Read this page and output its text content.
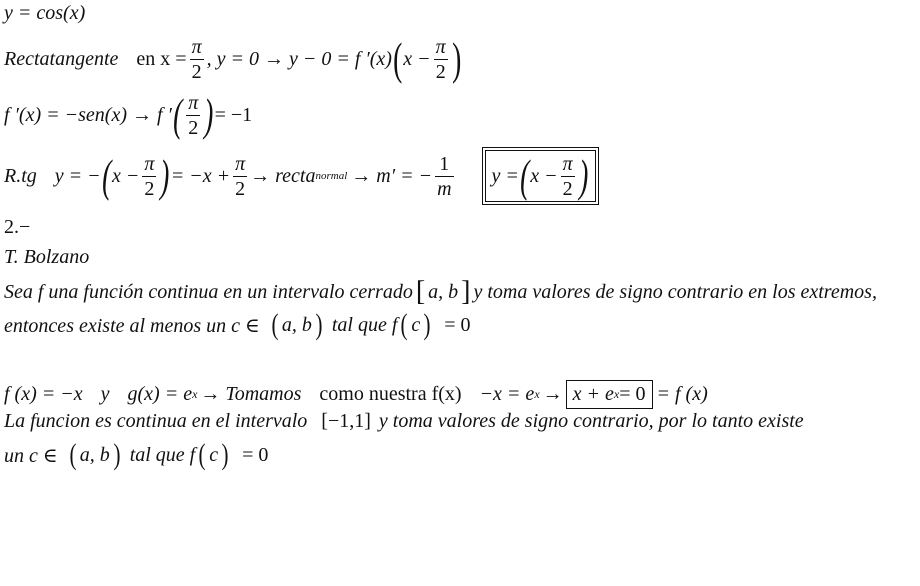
y = cos(x)
Rectatangente en $x = \frac{\pi}{2}$ , y = 0 → y − 0 = f ′(x) ( $x - \frac{\pi}{2}$ )
f ′(x) = −sen(x) → f ′ ( $\frac{\pi}{2}$ ) = −1
R.tg y = − ( $x - \frac{\pi}{2}$ ) = $-x + \frac{\pi}{2}$ → recta normal → m′ = − $\frac{1}{m}$ y = ( $x - \frac{\pi}{2}$ )
2.−
T. Bolzano
Sea f una función continua en un intervalo cerrado [ a, b ] y toma valores de signo contrario en los extremos,
entonces existe al menos un c ∈ ( a, b ) tal que f ( c ) = 0
f (x) = −x y g(x) = e x → Tomamos como nuestra f(x) −x = e x → x + e x = 0 = f (x)
La funcion es continua en el intervalo [−1,1] y toma valores de signo contrario, por lo tanto existe
un c ∈ ( a, b ) tal que f ( c ) = 0
